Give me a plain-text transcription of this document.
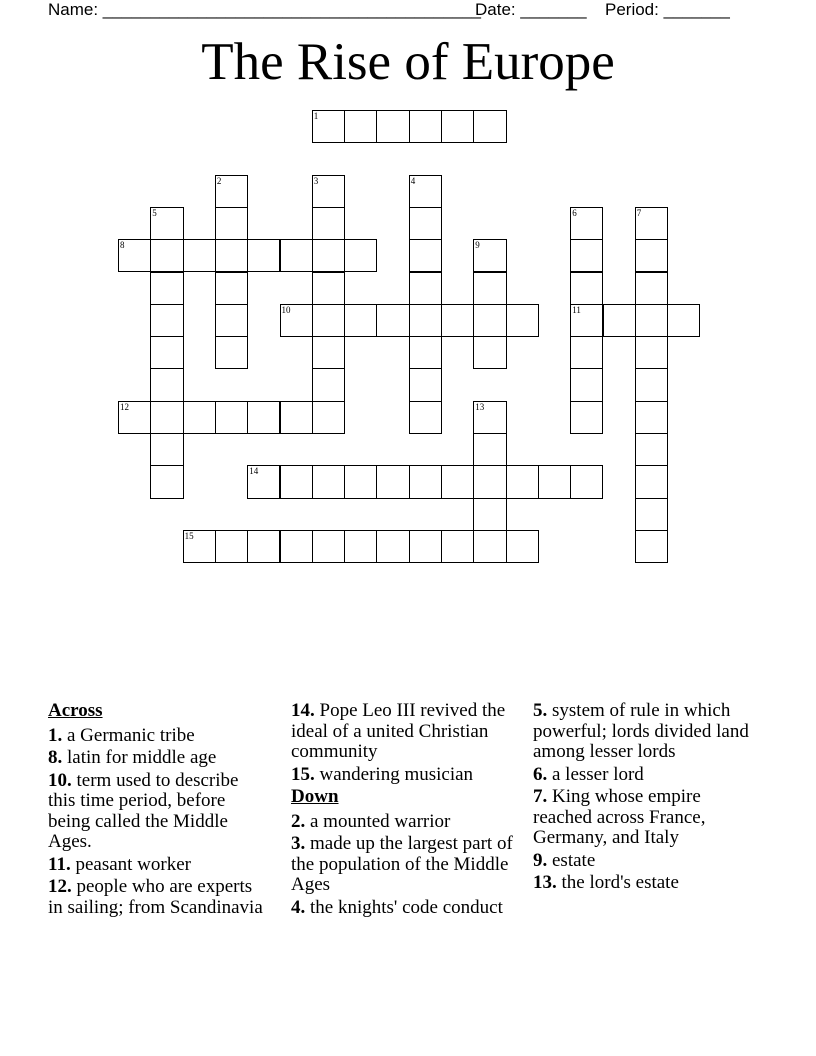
Name: ________________________________________
Date: _______ Period: _______
The Rise of Europe
1
2	3	4
5	6	7
8	9
10	11
12	13
14
15
Across
1. a Germanic tribe
8. latin for middle age
10. term used to describe this time period, before being called the Middle Ages.
11. peasant worker
12. people who are experts in sailing; from Scandinavia
14. Pope Leo III revived the ideal of a united Christian community
15. wandering musician
Down
2. a mounted warrior
3. made up the largest part of the population of the Middle Ages
4. the knights' code conduct
5. system of rule in which powerful; lords divided land among lesser lords
6. a lesser lord
7. King whose empire reached across France, Germany, and Italy
9. estate
13. the lord's estate
